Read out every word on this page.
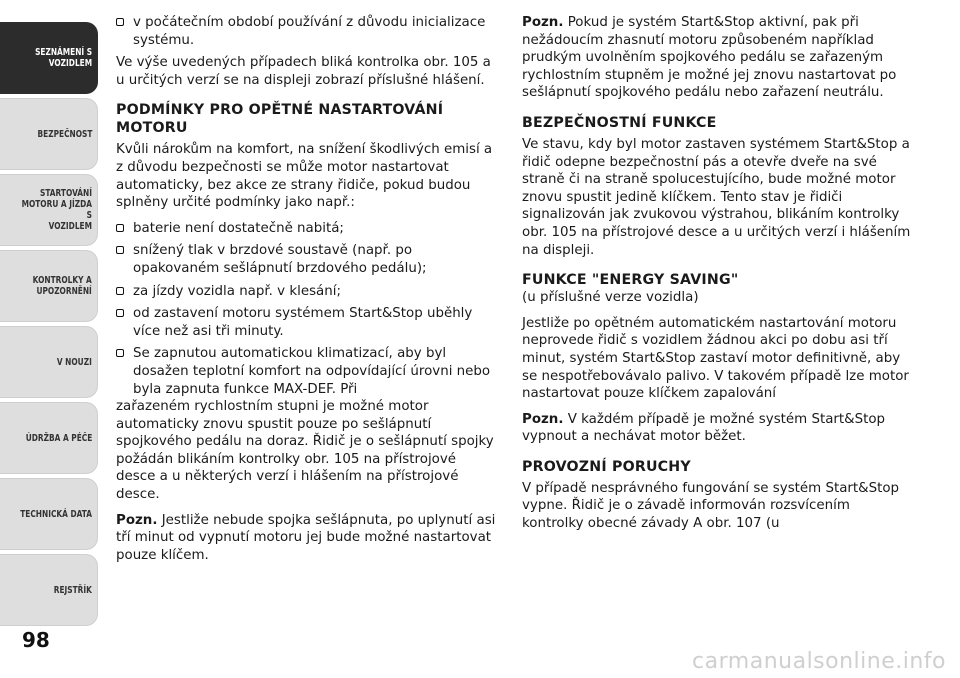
SEZNÁMENÍ S
VOZIDLEM
BEZPEČNOST
STARTOVÁNÍ
MOTORU A JÍZDA S
VOZIDLEM
KONTROLKY A
UPOZORNĚNÍ
V NOUZI
ÚDRŽBA A PÉČE
TECHNICKÁ DATA
REJSTŘÍK
98
v počátečním období používání z důvodu inicializace systému.

Ve výše uvedených případech bliká kontrolka obr. 105 a u určitých verzí se na displeji zobrazí příslušné hlášení.

PODMÍNKY PRO OPĚTNÉ NASTARTOVÁNÍ MOTORU

Kvůli nárokům na komfort, na snížení škodlivých emisí a z důvodu bezpečnosti se může motor nastartovat automaticky, bez akce ze strany řidiče, pokud budou splněny určité podmínky jako např.:

baterie není dostatečně nabitá;
snížený tlak v brzdové soustavě (např. po opakovaném sešlápnutí brzdového pedálu);
za jízdy vozidla např. v klesání;
od zastavení motoru systémem Start&Stop uběhly více než asi tři minuty.
Se zapnutou automatickou klimatizací, aby byl dosažen teplotní komfort na odpovídající úrovni nebo byla zapnuta funkce MAX-DEF. Při

zařazeném rychlostním stupni je možné motor automaticky znovu spustit pouze po sešlápnutí spojkového pedálu na doraz. Řidič je o sešlápnutí spojky požádán blikáním kontrolky obr. 105 na přístrojové desce a u některých verzí i hlášením na přístrojové desce.

Pozn. Jestliže nebude spojka sešlápnuta, po uplynutí asi tří minut od vypnutí motoru jej bude možné nastartovat pouze klíčem.

Pozn. Pokud je systém Start&Stop aktivní, pak při nežádoucím zhasnutí motoru způsobeném například prudkým uvolněním spojkového pedálu se zařazeným rychlostním stupněm je možné jej znovu nastartovat po sešlápnutí spojkového pedálu nebo zařazení neutrálu.

BEZPEČNOSTNÍ FUNKCE

Ve stavu, kdy byl motor zastaven systémem Start&Stop a řidič odepne bezpečnostní pás a otevře dveře na své straně či na straně spolucestujícího, bude možné motor znovu spustit jedině klíčkem. Tento stav je řidiči signalizován jak zvukovou výstrahou, blikáním kontrolky obr. 105 na přístrojové desce a u určitých verzí i hlášením na displeji.

FUNKCE "ENERGY SAVING"

(u příslušné verze vozidla)

Jestliže po opětném automatickém nastartování motoru neprovede řidič s vozidlem žádnou akci po dobu asi tří minut, systém Start&Stop zastaví motor definitivně, aby se nespotřebovávalo palivo. V takovém případě lze motor nastartovat pouze klíčkem zapalování

Pozn. V každém případě je možné systém Start&Stop vypnout a nechávat motor běžet.

PROVOZNÍ PORUCHY

V případě nesprávného fungování se systém Start&Stop vypne. Řidič je o závadě informován rozsvícením kontrolky obecné závady A obr. 107 (u

carmanualsonline.info
